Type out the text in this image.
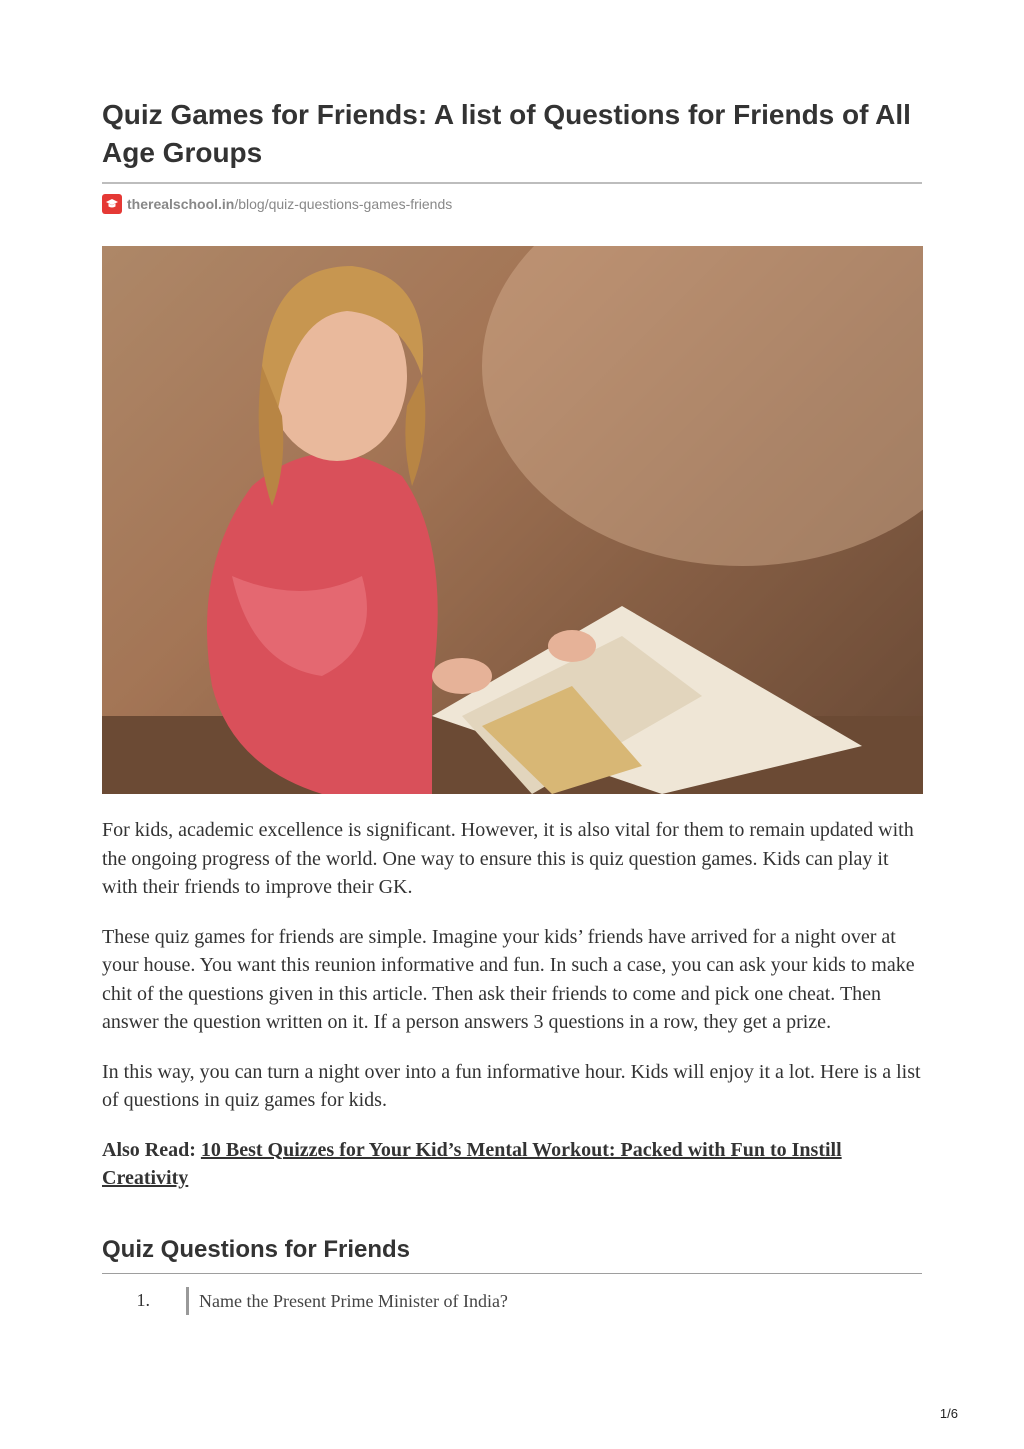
Quiz Games for Friends: A list of Questions for Friends of All Age Groups
therealschool.in /blog/quiz-questions-games-friends

For kids, academic excellence is significant. However, it is also vital for them to remain updated with the ongoing progress of the world. One way to ensure this is quiz question games. Kids can play it with their friends to improve their GK.

These quiz games for friends are simple. Imagine your kids’ friends have arrived for a night over at your house. You want this reunion informative and fun. In such a case, you can ask your kids to make chit of the questions given in this article. Then ask their friends to come and pick one cheat. Then answer the question written on it. If a person answers 3 questions in a row, they get a prize.

In this way, you can turn a night over into a fun informative hour. Kids will enjoy it a lot. Here is a list of questions in quiz games for kids.

Also Read: 10 Best Quizzes for Your Kid’s Mental Workout: Packed with Fun to Instill Creativity

Quiz Questions for Friends
1.	Name the Present Prime Minister of India?
1/6
